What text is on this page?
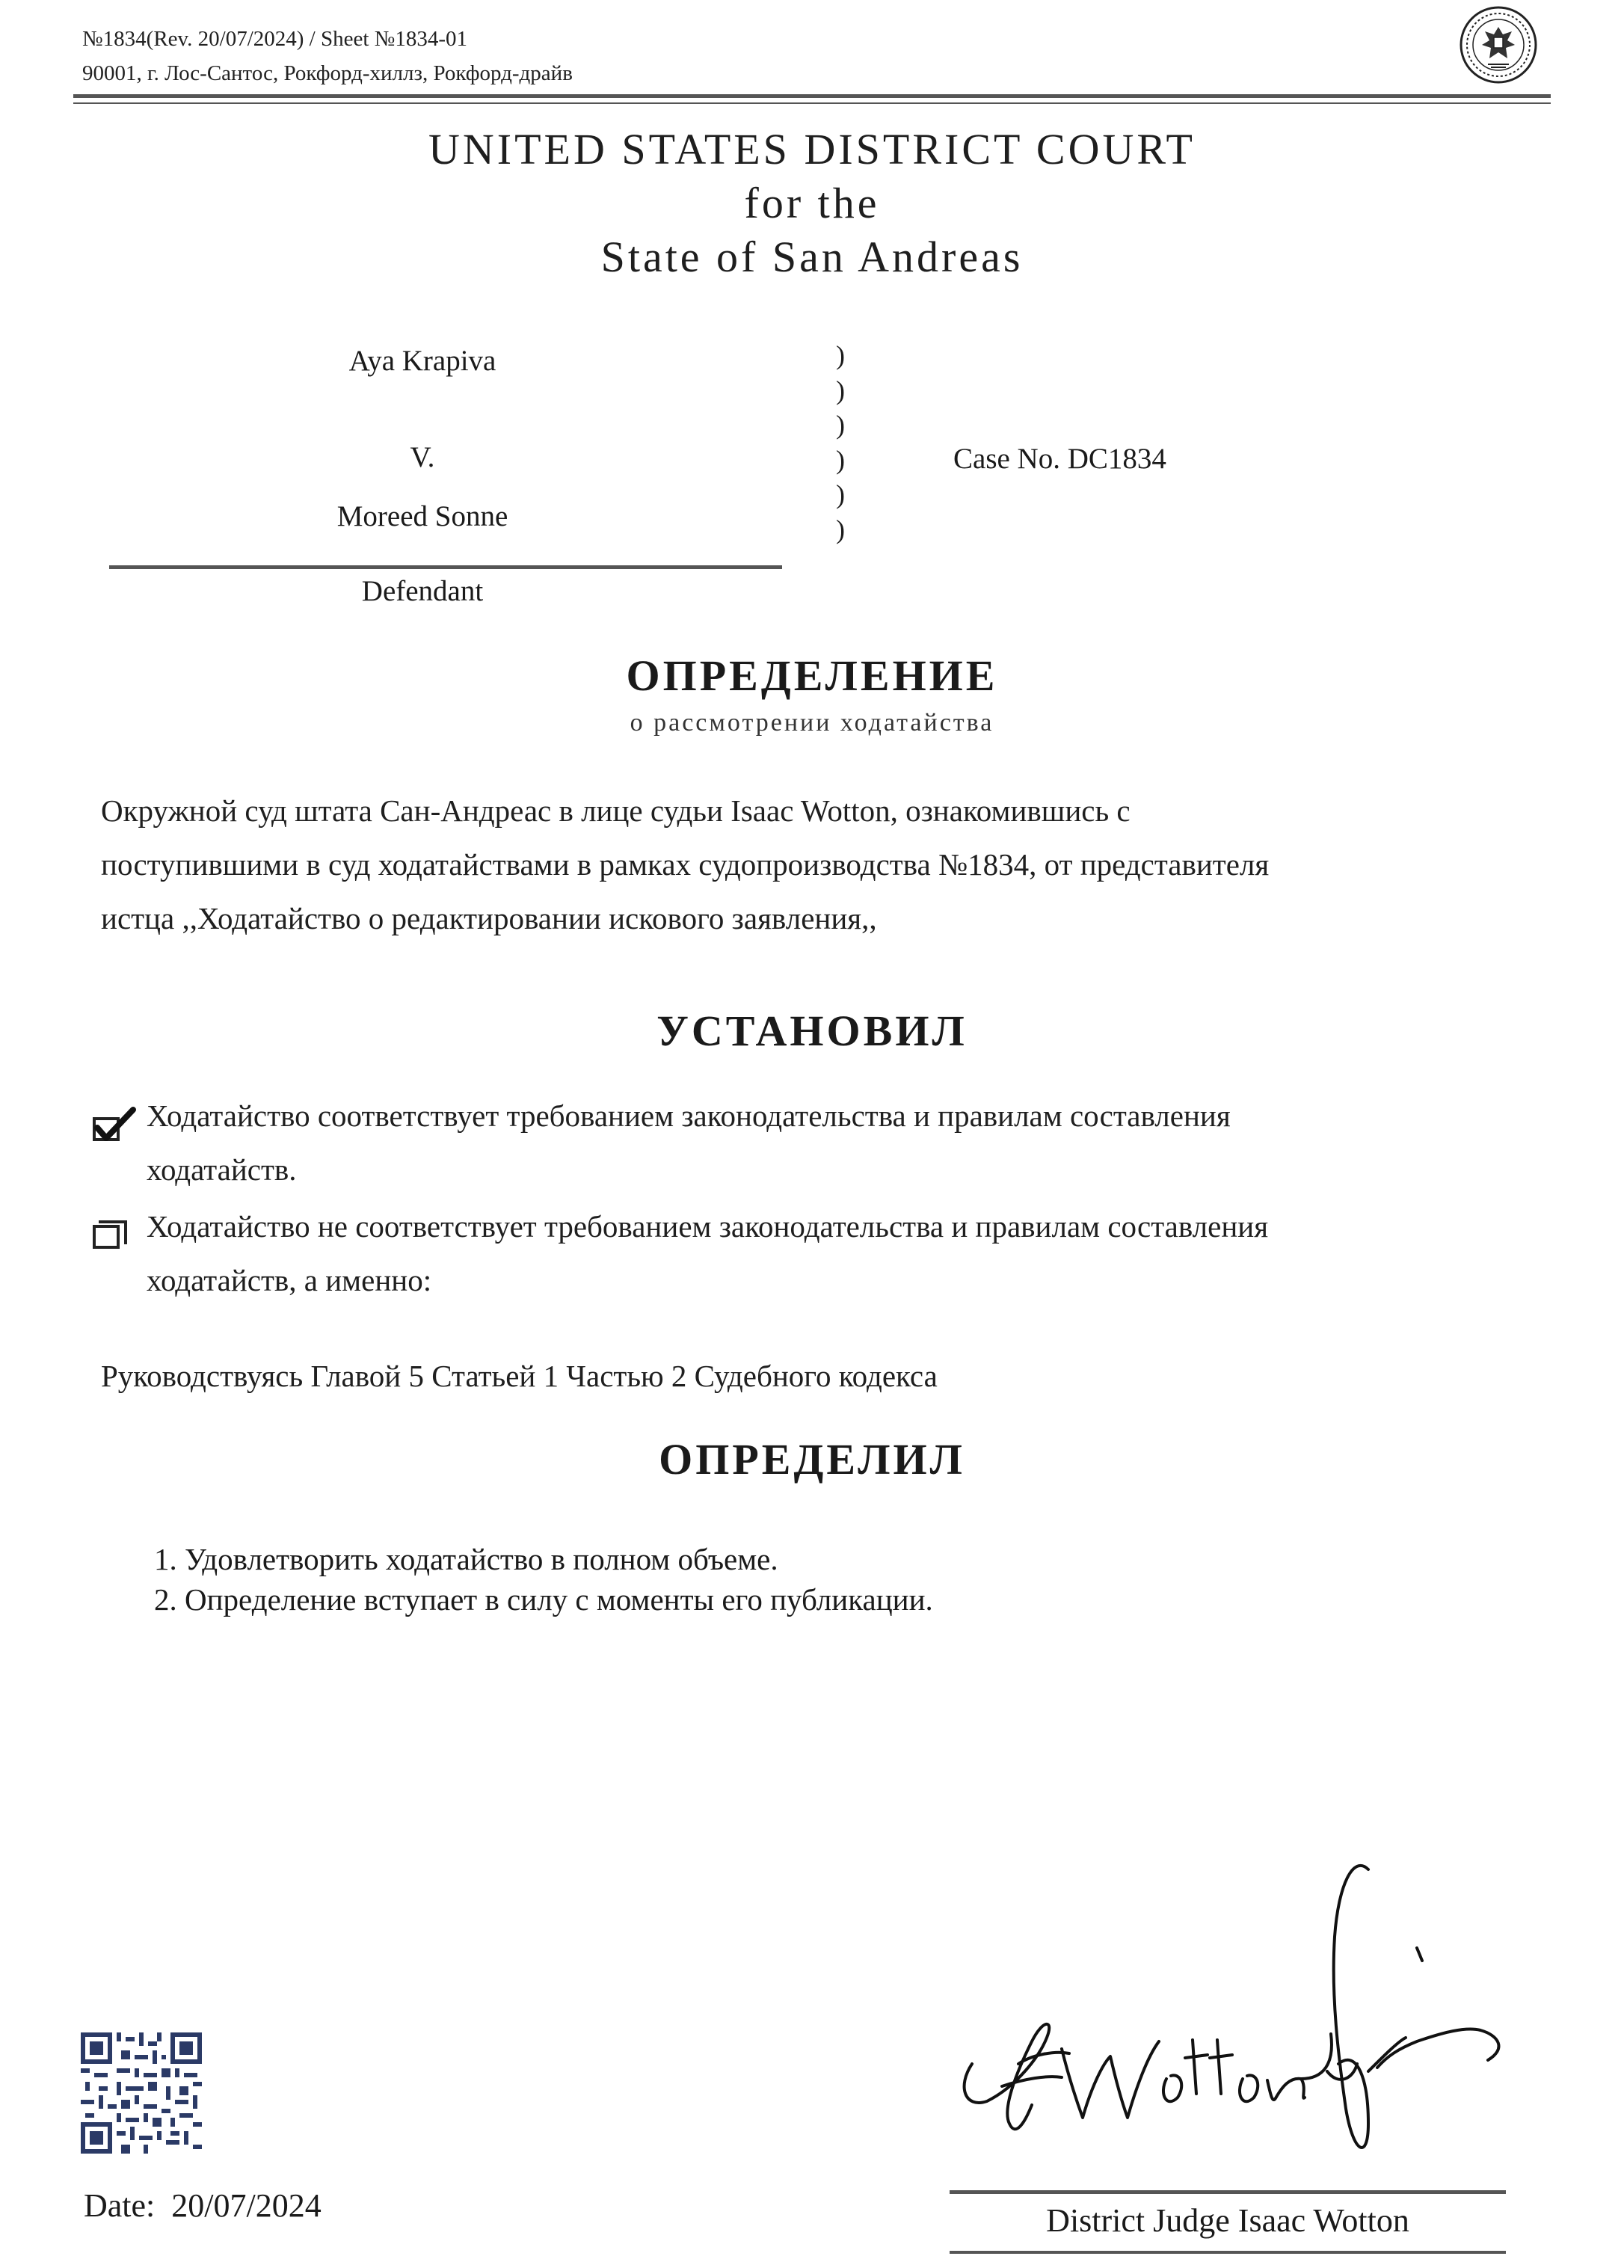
№1834(Rev. 20/07/2024) / Sheet №1834-01
90001, г. Лос-Сантос, Рокфорд-хиллз, Рокфорд-драйв
UNITED STATES DISTRICT COURT
for the
State of San Andreas
Aya Krapiva
V.
Moreed Sonne
Defendant
)
)
)
)
)
)
Case No. DC1834
ОПРЕДЕЛЕНИЕ
о рассмотрении ходатайства
Окружной суд штата Сан-Андреас в лице судьи Isaac Wotton, ознакомившись с
поступившими в суд ходатайствами в рамках судопроизводства №1834, от представителя
истца ,,Ходатайство о редактировании искового заявления,,
УСТАНОВИЛ
Ходатайство соответствует требованием законодательства и правилам составления
ходатайств.
Ходатайство не соответствует требованием законодательства и правилам составления
ходатайств, а именно:
Руководствуясь Главой 5 Статьей 1 Частью 2 Судебного кодекса
ОПРЕДЕЛИЛ
1. Удовлетворить ходатайство в полном объеме.
2. Определение вступает в силу с моменты его публикации.
Date: 20/07/2024	District Judge Isaac Wotton
